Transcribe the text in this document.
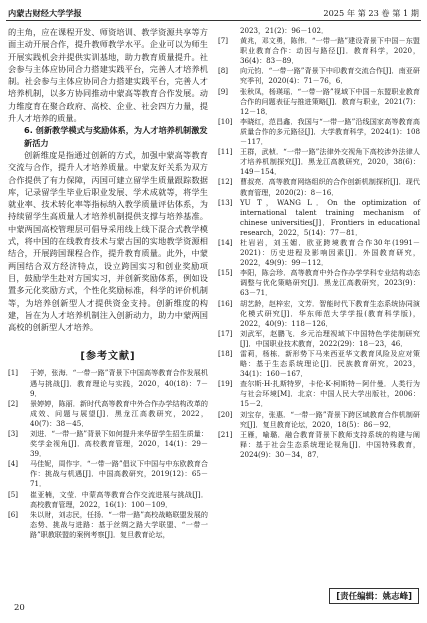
内蒙古财经大学学报	2025 年 第 23 卷 第 1 期

的主角，应在课程开发、师资培训、教学资源共享等方面主动开展合作，提升教师教学水平。企业可以为师生开展实践机会并提供实训基地，助力教育质量提升。社会参与主体应协同合力搭建实践平台，完善人才培养机制。社会参与主体应协同合力搭建实践平台，完善人才培养机制，以多方协同推动中蒙高等教育合作发展。动力维度育在聚合政府、高校、企业、社会四方力量，提升人才培养的质量。

6. 创新教学模式与奖励体系，为人才培养机制激发新活力

创新维度是指通过创新的方式，加强中蒙高等教育交流与合作，提升人才培养质量。中蒙友好关系为双方合作提供了有力保障，丙国可建立留学生质量跟踪数据库，记录留学生毕业后职业发展、学术成就等，将学生就业率、技术转化率等指标纳入教学质量评估体系，为持续留学生高质量人才培养机制提供支撑与培养基准。中蒙两国高校管理层可倡导采用线上线下混合式教学模式，将中国的在线教育技术与蒙古国的实地教学资源相结合，开展跨国课程合作，提升教育质量。此外，中蒙两国结合双方经济特点，设立跨国实习和创业奖励项目，鼓励学生赴对方国实习，并创新奖励体系，例如设置多元化奖励方式，个性化奖励标准，科学的评价机制等，为培养创新型人才提供资金支持。创新维度的构建，旨在为人才培养机制注入创新动力，助力中蒙两国高校的创新型人才培养。

[参考文献]

[1] 于婷，张海．“一带一路”背景下中国高等教育合作发展机遇与挑战[J]．教育理论与实践，2020，40(18)：7－9．

[2] 景婷婷，陈丽．新时代高等教育中外合作办学结构改革的成效、问题与展望[J]．黑龙江高教研究，2022，40(7)：38－45．

[3] 刘进．“一带一路”背景下如何提升来华留学生招生质量：奖学金视角[J]．高校教育管理，2020，14(1)：29－39．

[4] 马佳妮，周作宇．“一带一路”倡议下中国与中东欧教育合作：挑战与机遇[J]．中国高教研究，2019(12)：65－71．

[5] 崔亚楠，文莹．中蒙高等教育合作交流进展与挑战[J]．高校教育管理，2022，16(1)：100－109．

[6] 朱以财，刘志民，任扬．“一带一路”高校战略联盟发展的态势、挑战与进路：基于丝绸之路大学联盟、“一带一路”职教联盟的案例考察[J]．复旦教育论坛，

2023，21(2)：96－102．

[7] 黄兆，邓文勇，陈伟．“一带一路”建设背景下中国－东盟职业教育合作：动因与路径[J]．教育科学，2020，36(4)：83－89．

[8] 向元钧．“一带一路”背景下中印教育交流合作[J]．南亚研究季刊，2020(4)：71－76，6．

[9] 张秋凤，杨瑛瑶．“一带一路”视域下中国－东盟职业教育合作的问题表征与推进策略[J]．教育与职业，2021(7)：12－18．

[10] 李晓红，范昌鑫．我国与“一带一路”沿线国家高等教育高质量合作的多元路径[J]．大学教育科学，2024(1)：108－117．

[11] 王群，武桢．“一带一路”法律外交视角下高校涉外法律人才培养机制探究[J]．黑龙江高教研究，2020，38(6)：149－154．

[12] 曹叔亮．高等教育网络组织的合作创新机制探析[J]．现代教育管理，2020(2)：8－16．

[13] YU T，WANG L．On the optimization of international talent training mechanism of chinese universities[J]．Frontiers in educational research，2022，5(14)：77－81．

[14] 杜岩岩，刘玉媚．欧亚跨境教育合作30年(1991－2021)：历史进程及影响因素[J]．外国教育研究，2022，49(9)：99－112．

[15] 李阳，陈会珍．高等教育中外合作办学学科专业结构动态调整与优化策略研究[J]．黑龙江高教研究，2023(9)：63－71．

[16] 胡艺龄，赵梓宏，文芳．智能时代下教育生态系统协同演化模式研究[J]．华东师范大学学报(教育科学版)，2022，40(9)：118－126．

[17] 刘武军，赵鹏飞．乡元治理视域下中国特色学徒制研究[J]．中国职业技术教育，2022(29)：18－23，46．

[18] 雷莉，杨栋．新形势下马来西亚华文教育风险及应对策略：基于生态系统理论[J]．民族教育研究，2023，34(1)：160－167．

[19] 查尔斯·H·扎斯特罗，卡伦·K·柯斯特－阿什曼．人类行为与社会环境[M]．北京：中国人民大学出版社，2006：15－2．

[20] 刘宝存，张惠．“一带一路”背景下跨区域教育合作机制研究[J]．复旦教育论坛，2020，18(5)：86－92．

[21] 王雁，喻璐．融合教育背景下教师支持系统的构建与阐释：基于社会生态系统理论视角[J]．中国特殊教育，2024(9)：30－34，87．

[责任编辑：姚志峰]
20
